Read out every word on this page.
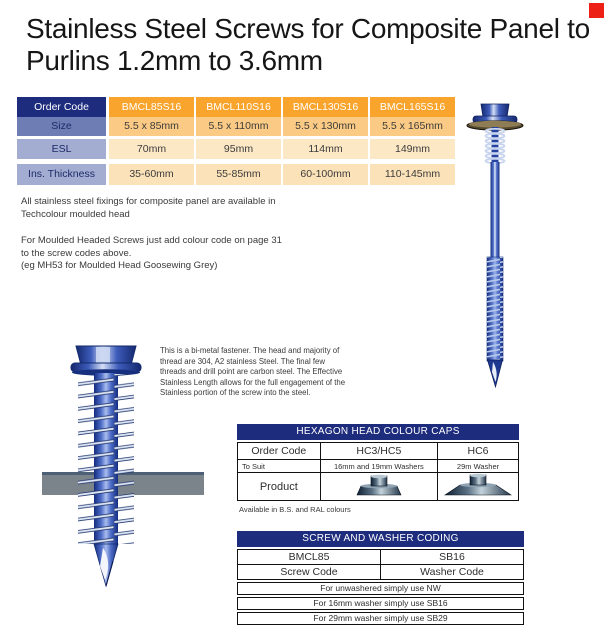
Stainless Steel Screws for Composite Panel to
Purlins 1.2mm to 3.6mm
Order Code	BMCL85S16	BMCL110S16	BMCL130S16	BMCL165S16
Size	5.5 x 85mm	5.5 x 110mm	5.5 x 130mm	5.5 x 165mm
ESL	70mm	95mm	114mm	149mm
Ins. Thickness	35-60mm	55-85mm	60-100mm	110-145mm
All stainless steel fixings for composite panel are available in
Techcolour moulded head
For Moulded Headed Screws just add colour code on page 31
to the screw codes above.
(eg MH53 for Moulded Head Goosewing Grey)
This is a bi-metal fastener. The head and majority of
thread are 304, A2 stainless Steel. The final few
threads and drill point are carbon steel. The Effective
Stainless Length allows for the full engagement of the
Stainless portion of the screw into the steel.
HEXAGON HEAD COLOUR CAPS
Order Code	HC3/HC5	HC6
To Suit	16mm and 19mm Washers	29m Washer
Product		
Available in B.S. and RAL colours
SCREW AND WASHER CODING
BMCL85	SB16
Screw Code	Washer Code
For unwashered simply use NW
For 16mm washer simply use SB16
For 29mm washer simply use SB29
